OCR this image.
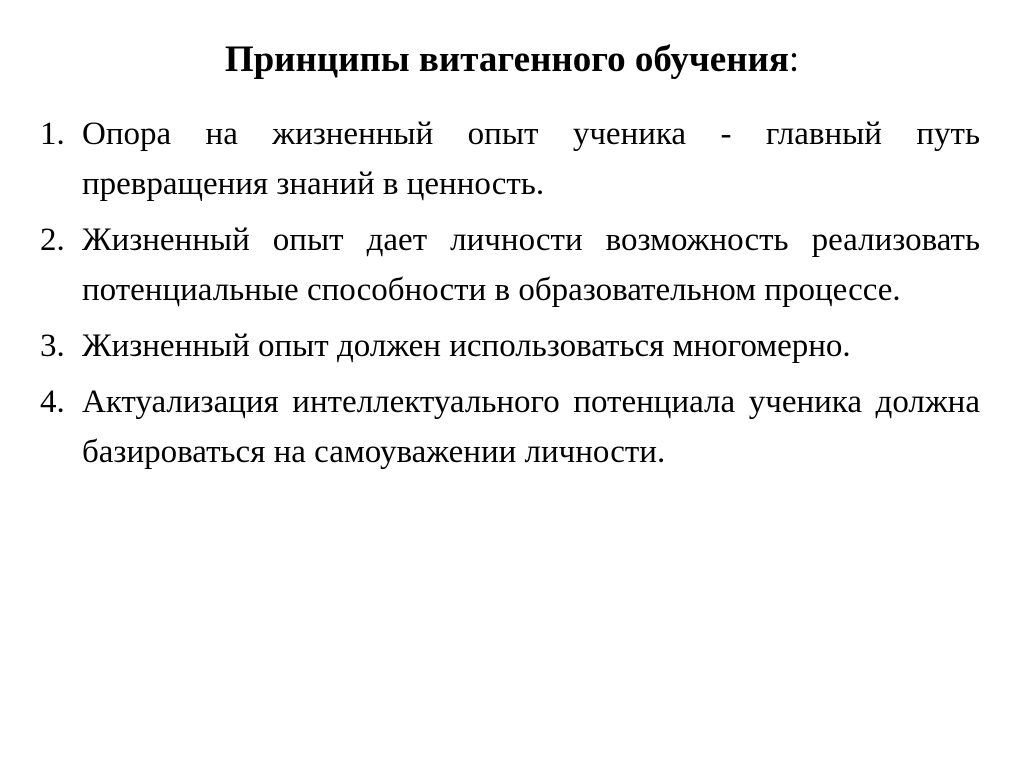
Принципы витагенного обучения:
1. Опора на жизненный опыт ученика - главный путь превращения знаний в ценность.
2. Жизненный опыт дает личности возможность реализовать потенциальные способности в образовательном процессе.
3. Жизненный опыт должен использоваться многомерно.
4. Актуализация интеллектуального потенциала ученика должна базироваться на самоуважении личности.
